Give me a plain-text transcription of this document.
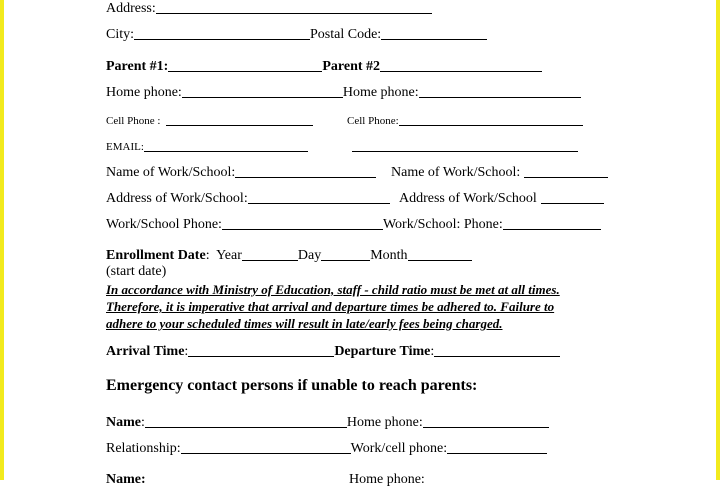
Address:
City:	Postal Code:
Parent #1:	Parent #2
Home phone:	Home phone:
Cell Phone :	Cell Phone:
EMAIL:
Name of Work/School:	Name of Work/School:
Address of Work/School:	Address of Work/School
Work/School Phone:	Work/School: Phone:
Enrollment Date:  Year	Day	Month
(start date)
In accordance with Ministry of Education, staff - child ratio must be met at all times.
Therefore, it is imperative that arrival and departure times be adhered to. Failure to
adhere to your scheduled times will result in late/early fees being charged.
Arrival Time:	Departure Time:
Emergency contact persons if unable to reach parents:
Name:	Home phone:
Relationship:	Work/cell phone:
Name:	Home phone:
